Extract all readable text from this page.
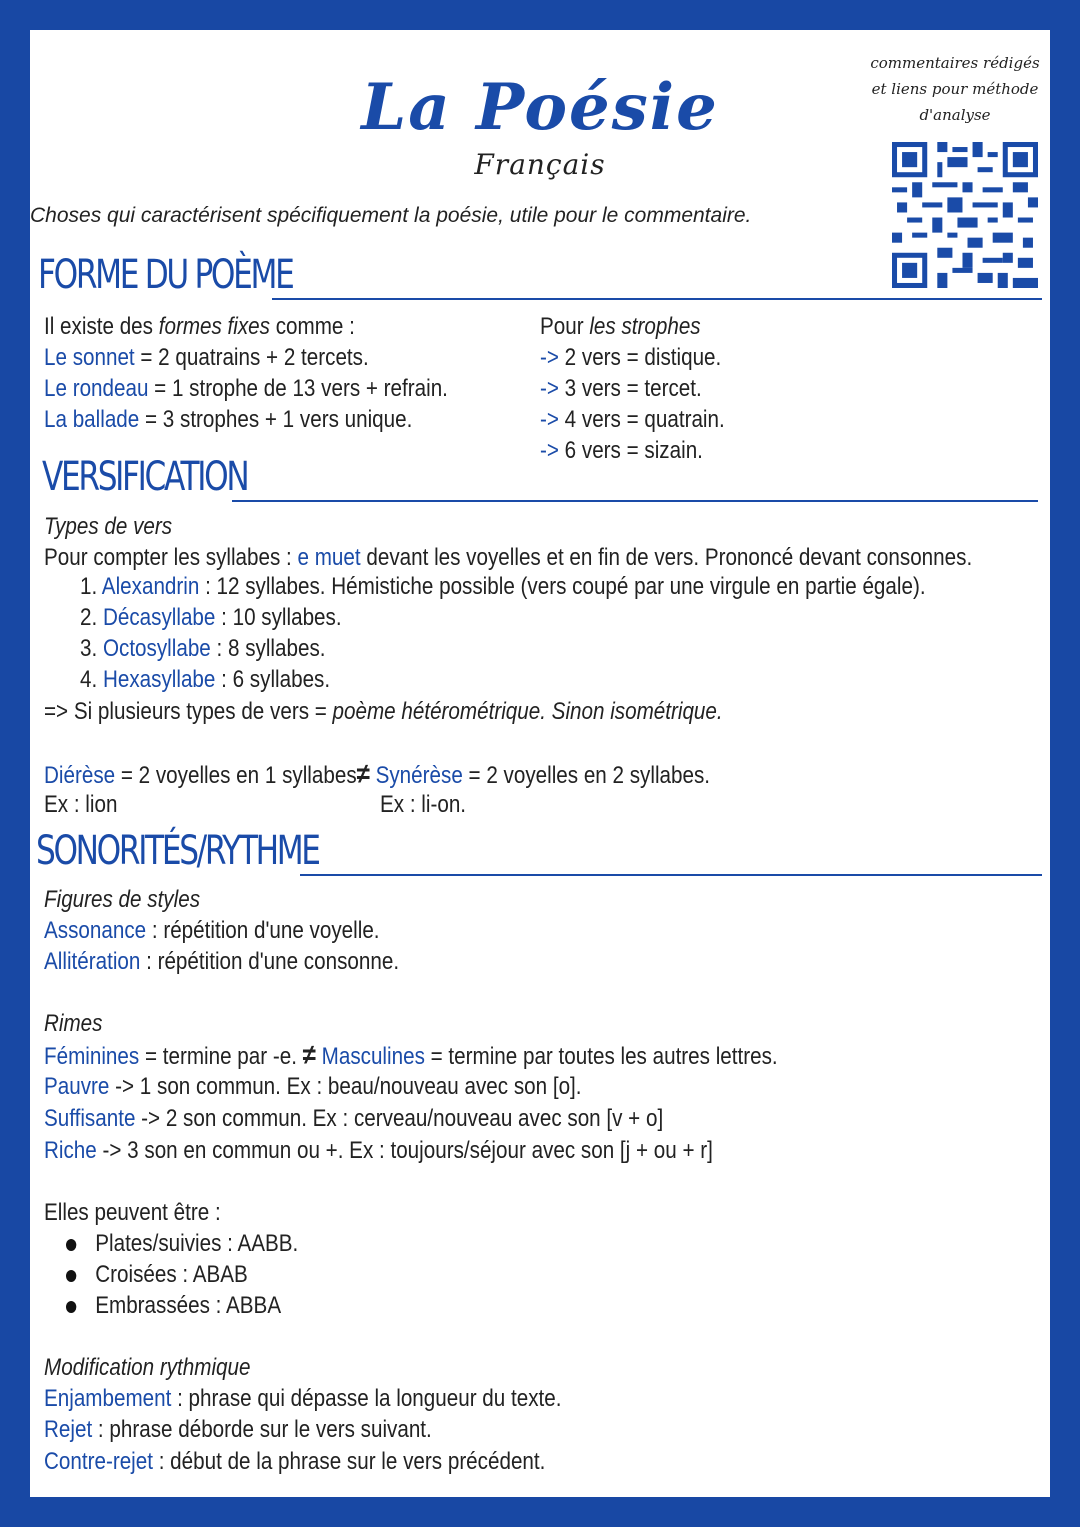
La Poésie
Français
commentaires rédigés et liens pour méthode d'analyse
Choses qui caractérisent spécifiquement la poésie, utile pour le commentaire.
FORME DU POÈME
Il existe des formes fixes comme :
Le sonnet = 2 quatrains + 2 tercets.
Le rondeau = 1 strophe de 13 vers + refrain.
La ballade = 3 strophes + 1 vers unique.
Pour les strophes
-> 2 vers = distique.
-> 3 vers = tercet.
-> 4 vers = quatrain.
-> 6 vers = sizain.
VERSIFICATION
Types de vers
Pour compter les syllabes : e muet devant les voyelles et en fin de vers. Prononcé devant consonnes.
1. Alexandrin : 12 syllabes. Hémistiche possible (vers coupé par une virgule en partie égale).
2. Décasyllabe : 10 syllabes.
3. Octosyllabe : 8 syllabes.
4. Hexasyllabe : 6 syllabes.
=> Si plusieurs types de vers = poème hétérométrique. Sinon isométrique.
Diérèse = 2 voyelles en 1 syllabes≠ Synérèse = 2 voyelles en 2 syllabes.
Ex : lion	Ex : li-on.
SONORITÉS/RYTHME
Figures de styles
Assonance : répétition d'une voyelle.
Allitération : répétition d'une consonne.
Rimes
Féminines = termine par -e. ≠ Masculines = termine par toutes les autres lettres.
Pauvre -> 1 son commun. Ex : beau/nouveau avec son [o].
Suffisante -> 2 son commun. Ex : cerveau/nouveau avec son [v + o]
Riche -> 3 son en commun ou +. Ex : toujours/séjour avec son [j + ou + r]
Elles peuvent être :
Plates/suivies : AABB.
Croisées : ABAB
Embrassées : ABBA
Modification rythmique
Enjambement : phrase qui dépasse la longueur du texte.
Rejet : phrase déborde sur le vers suivant.
Contre-rejet : début de la phrase sur le vers précédent.
